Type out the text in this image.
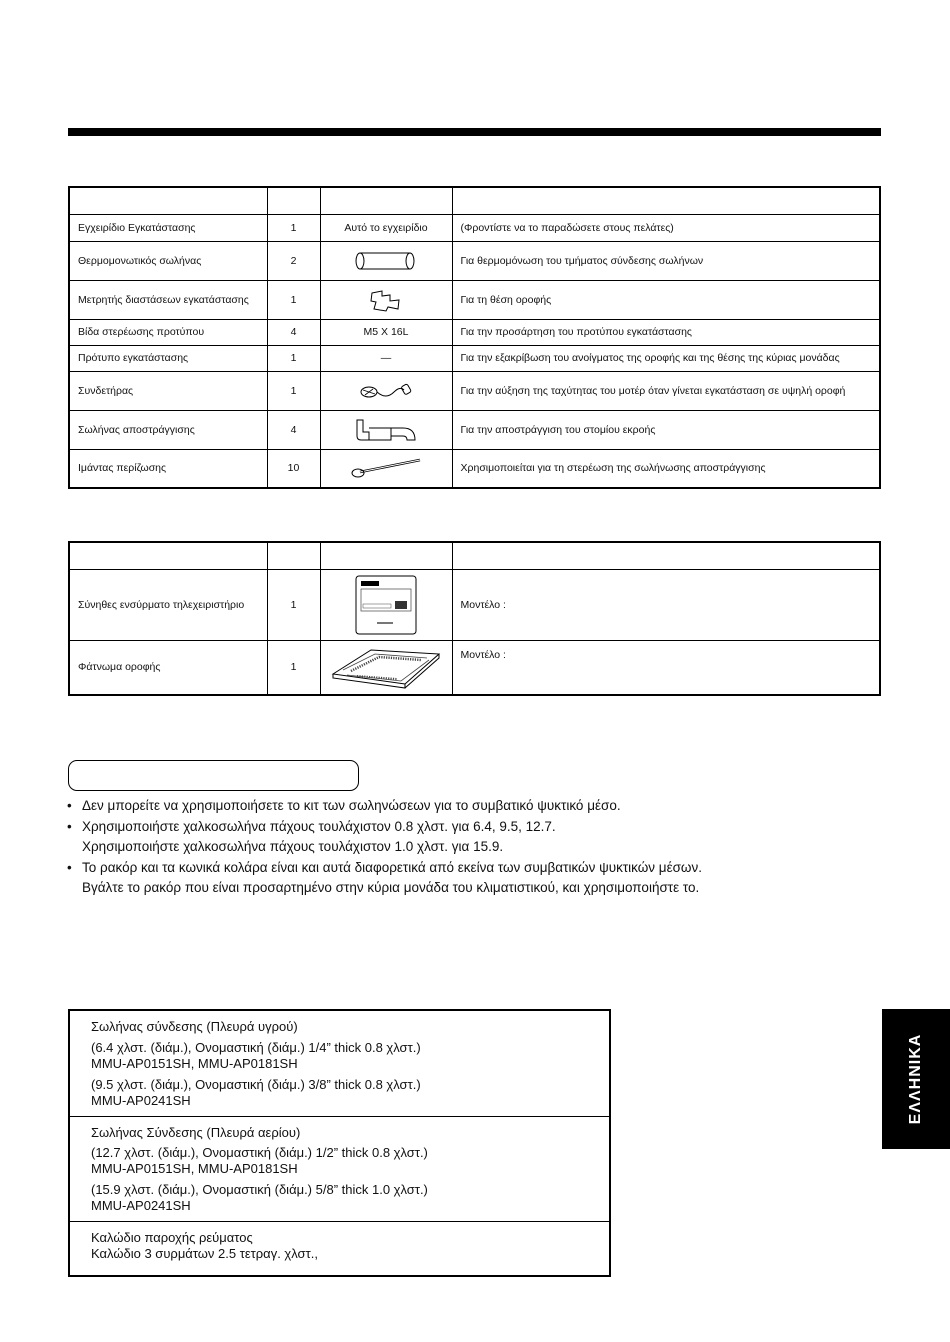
Εγχειρίδιο Εγκατάστασης	1	Αυτό το εγχειρίδιο	(Φροντίστε να το παραδώσετε στους πελάτες)
Θερμομονωτικός σωλήνας	2		Για θερμομόνωση του τμήματος σύνδεσης σωλήνων
Μετρητής διαστάσεων εγκατάστασης	1		Για τη θέση οροφής
Βίδα στερέωσης προτύπου	4	M5 X 16L	Για την προσάρτηση του προτύπου εγκατάστασης
Πρότυπο εγκατάστασης	1	—	Για την εξακρίβωση του ανοίγματος της οροφής και της θέσης της κύριας μονάδας
Συνδετήρας	1		Για την αύξηση της ταχύτητας του μοτέρ όταν γίνεται εγκατάσταση σε υψηλή οροφή
Σωλήνας αποστράγγισης	4		Για την αποστράγγιση του στομίου εκροής
Ιμάντας περίζωσης	10		Χρησιμοποιείται για τη στερέωση της σωλήνωσης αποστράγγισης

Σύνηθες ενσύρματο τηλεχειριστήριο	1		Μοντέλο :
Φάτνωμα οροφής	1		Μοντέλο :
• Δεν μπορείτε να χρησιμοποιήσετε το κιτ των σωληνώσεων για το συμβατικό ψυκτικό μέσο.
• Χρησιμοποιήστε χαλκοσωλήνα πάχους τουλάχιστον 0.8 χλστ. για 6.4, 9.5, 12.7.
Χρησιμοποιήστε χαλκοσωλήνα πάχους τουλάχιστον 1.0 χλστ. για 15.9.
• Το ρακόρ και τα κωνικά κολάρα είναι και αυτά διαφορετικά από εκείνα των συμβατικών ψυκτικών μέσων.
Βγάλτε το ρακόρ που είναι προσαρτημένο στην κύρια μονάδα του κλιματιστικού, και χρησιμοποιήστε το.
Σωλήνας σύνδεσης (Πλευρά υγρού)
(6.4 χλστ. (διάμ.), Ονομαστική (διάμ.) 1/4” thick 0.8 χλστ.)
MMU-AP0151SH, MMU-AP0181SH
(9.5 χλστ. (διάμ.), Ονομαστική (διάμ.) 3/8” thick 0.8 χλστ.)
MMU-AP0241SH
Σωλήνας Σύνδεσης (Πλευρά αερίου)
(12.7 χλστ. (διάμ.), Ονομαστική (διάμ.) 1/2” thick 0.8 χλστ.)
MMU-AP0151SH, MMU-AP0181SH
(15.9 χλστ. (διάμ.), Ονομαστική (διάμ.) 5/8” thick 1.0 χλστ.)
MMU-AP0241SH
Καλώδιο παροχής ρεύματος
Καλώδιο 3 συρμάτων 2.5 τετραγ. χλστ.,
ΕΛΛΗΝΙΚΑ
